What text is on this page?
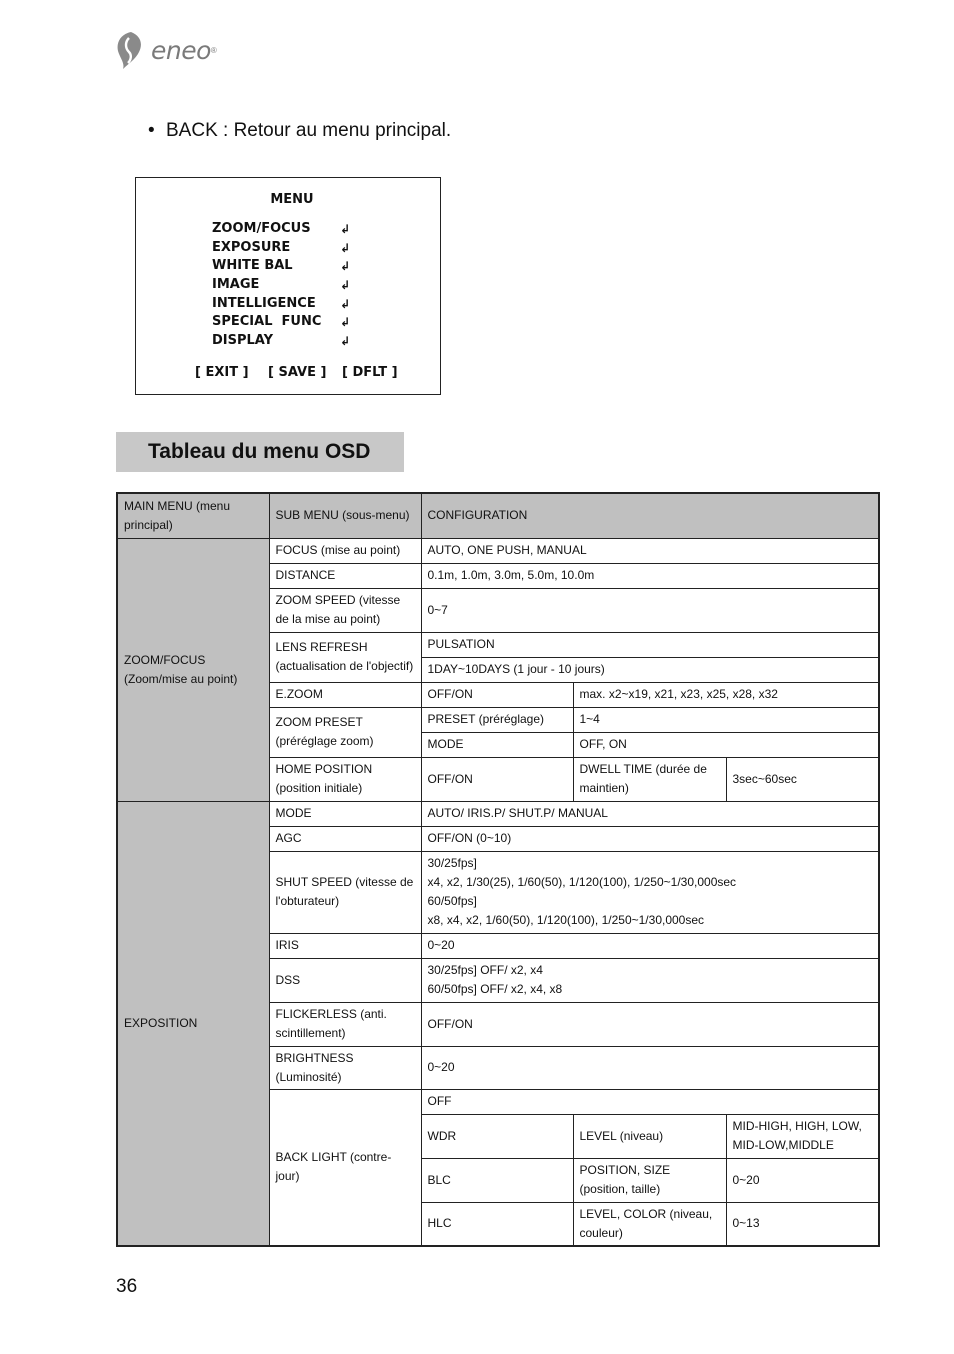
eneo ®
• BACK : Retour au menu principal.
MENU
ZOOM/FOCUS ↲
EXPOSURE	↲
WHITE BAL	↲
IMAGE	↲
INTELLIGENCE ↲
SPECIAL  FUNC ↲
DISPLAY	↲
[ EXIT ] [ SAVE ] [ DFLT ]
Tableau du menu OSD
MAIN MENU (menu principal)	SUB MENU (sous-menu)	CONFIGURATION		
ZOOM/FOCUS (Zoom/mise au point)	FOCUS (mise au point)	AUTO, ONE PUSH, MANUAL		
	DISTANCE	0.1m, 1.0m, 3.0m, 5.0m, 10.0m		
	ZOOM SPEED (vitesse de la mise au point)	0~7		
	LENS REFRESH (actualisation de l'objectif)	PULSATION		
		1DAY~10DAYS (1 jour - 10 jours)		
	E.ZOOM	OFF/ON	max. x2~x19, x21, x23, x25, x28, x32	
	ZOOM PRESET (préréglage zoom)	PRESET (préréglage)	1~4	
		MODE	OFF, ON	
	HOME POSITION (position initiale)	OFF/ON	DWELL TIME (durée de maintien)	3sec~60sec
EXPOSITION	MODE	AUTO/ IRIS.P/ SHUT.P/ MANUAL		
	AGC	OFF/ON (0~10)		
	SHUT SPEED (vitesse de l'obturateur)	30/25fps]
x4, x2, 1/30(25), 1/60(50), 1/120(100), 1/250~1/30,000sec
60/50fps]
x8, x4, x2, 1/60(50), 1/120(100), 1/250~1/30,000sec		

	IRIS	0~20		
	DSS	30/25fps] OFF/ x2, x4
60/50fps] OFF/ x2, x4, x8		

	FLICKERLESS (anti. scintillement)	OFF/ON		
	BRIGHTNESS (Luminosité)	0~20		
	BACK LIGHT (contre-jour)	OFF		
		WDR	LEVEL (niveau)	MID-HIGH, HIGH, LOW, MID-LOW,MIDDLE
		BLC	POSITION, SIZE (position, taille)	0~20
		HLC	LEVEL, COLOR (niveau, couleur)	0~13
36
